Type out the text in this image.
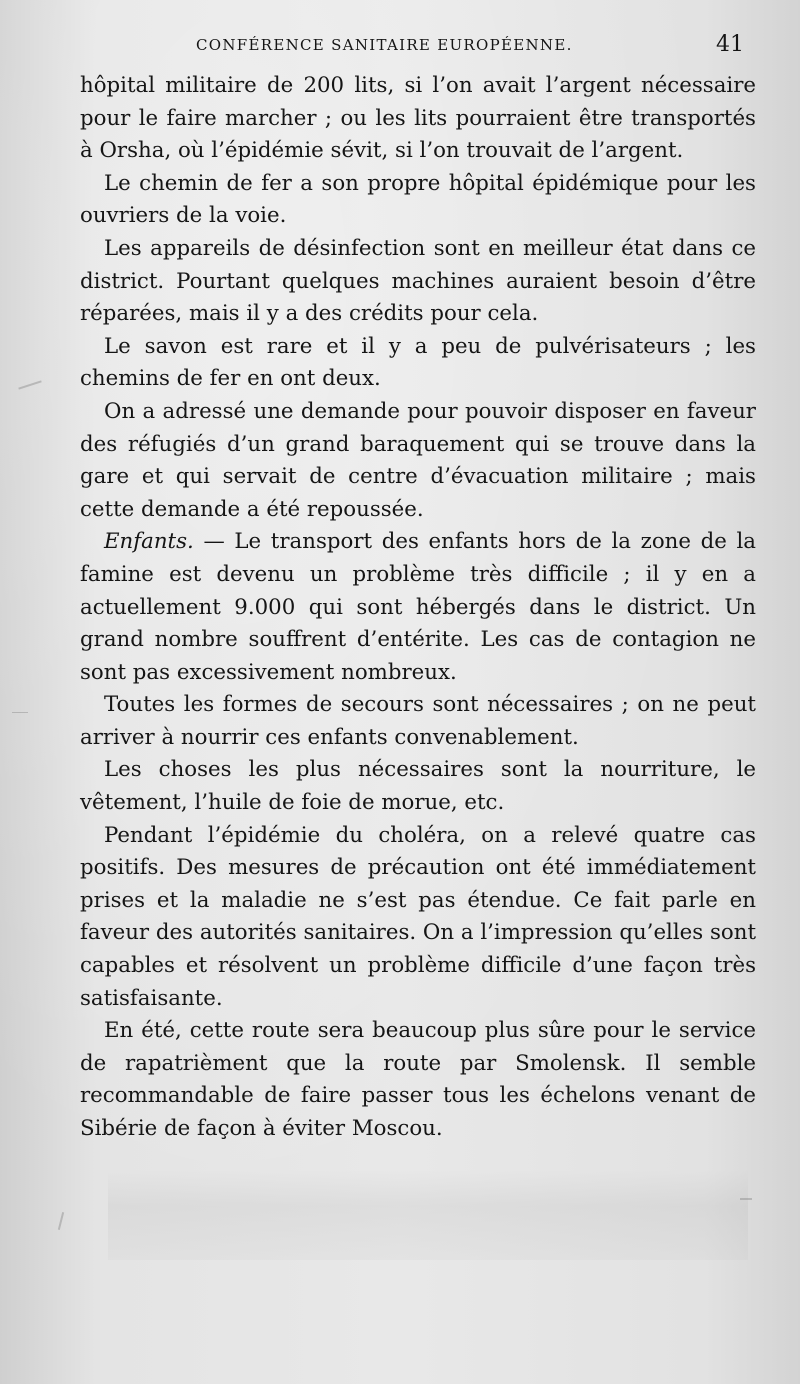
CONFÉRENCE SANITAIRE EUROPÉENNE.	41

hôpital militaire de 200 lits, si l’on avait l’argent nécessaire pour le faire marcher ; ou les lits pourraient être transportés à Orsha, où l’épidémie sévit, si l’on trouvait de l’argent.

Le chemin de fer a son propre hôpital épidémique pour les ouvriers de la voie.

Les appareils de désinfection sont en meilleur état dans ce district. Pourtant quelques machines auraient besoin d’être réparées, mais il y a des crédits pour cela.

Le savon est rare et il y a peu de pulvérisateurs ; les chemins de fer en ont deux.

On a adressé une demande pour pouvoir disposer en faveur des réfugiés d’un grand baraquement qui se trouve dans la gare et qui servait de centre d’évacuation militaire ; mais cette demande a été repoussée.

Enfants. — Le transport des enfants hors de la zone de la famine est devenu un problème très difficile ; il y en a actuellement 9.000 qui sont hébergés dans le district. Un grand nombre souffrent d’entérite. Les cas de contagion ne sont pas excessivement nombreux.

Toutes les formes de secours sont nécessaires ; on ne peut arriver à nourrir ces enfants convenablement.

Les choses les plus nécessaires sont la nourriture, le vêtement, l’huile de foie de morue, etc.

Pendant l’épidémie du choléra, on a relevé quatre cas positifs. Des mesures de précaution ont été immédiatement prises et la maladie ne s’est pas étendue. Ce fait parle en faveur des autorités sanitaires. On a l’impression qu’elles sont capables et résolvent un problème difficile d’une façon très satisfaisante.

En été, cette route sera beaucoup plus sûre pour le service de rapatrièment que la route par Smolensk. Il semble recommandable de faire passer tous les échelons venant de Sibérie de façon à éviter Moscou.
